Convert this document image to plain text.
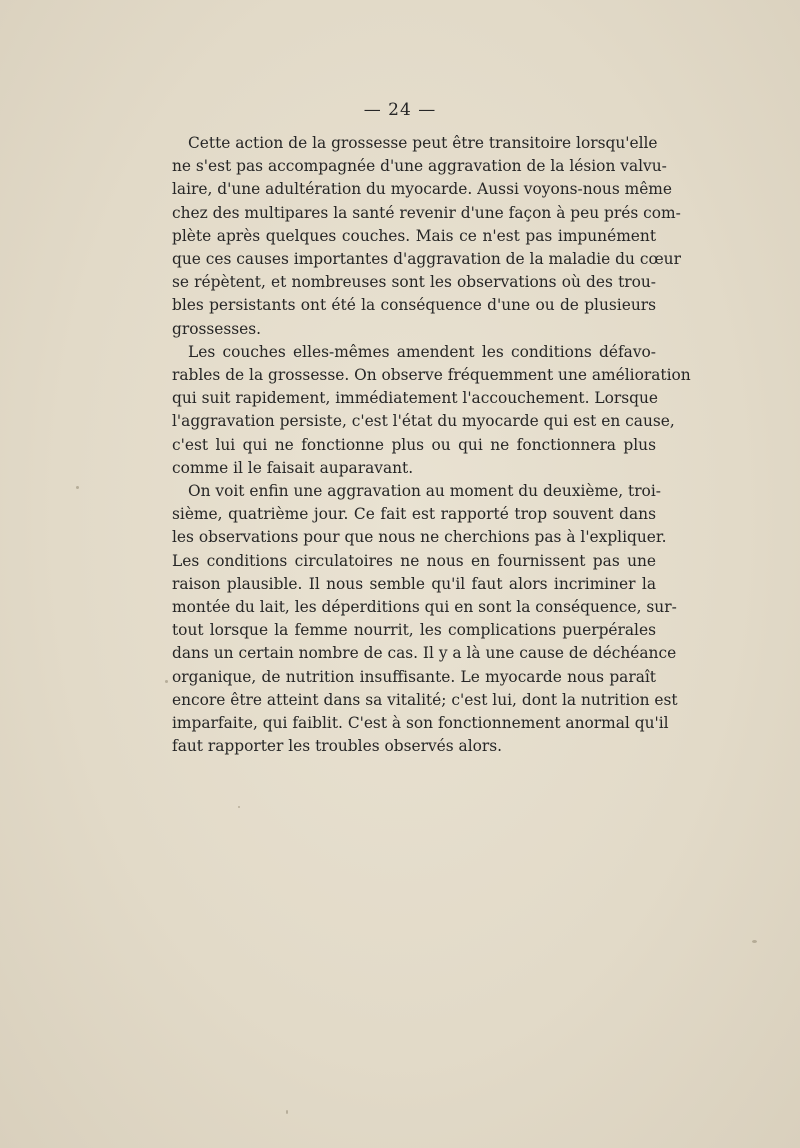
— 24 —
Cette action de la grossesse peut être transitoire lorsqu'elle
ne s'est pas accompagnée d'une aggravation de la lésion valvu-
laire, d'une adultération du myocarde. Aussi voyons-nous même
chez des multipares la santé revenir d'une façon à peu prés com-
plète après quelques couches. Mais ce n'est pas impunément
que ces causes importantes d'aggravation de la maladie du cœur
se répètent, et nombreuses sont les observations où des trou-
bles persistants ont été la conséquence d'une ou de plusieurs
grossesses.
Les couches elles-mêmes amendent les conditions défavo-
rables de la grossesse. On observe fréquemment une amélioration
qui suit rapidement, immédiatement l'accouchement. Lorsque
l'aggravation persiste, c'est l'état du myocarde qui est en cause,
c'est lui qui ne fonctionne plus ou qui ne fonctionnera plus
comme il le faisait auparavant.
On voit enfin une aggravation au moment du deuxième, troi-
sième, quatrième jour. Ce fait est rapporté trop souvent dans
les observations pour que nous ne cherchions pas à l'expliquer.
Les conditions circulatoires ne nous en fournissent pas une
raison plausible. Il nous semble qu'il faut alors incriminer la
montée du lait, les déperditions qui en sont la conséquence, sur-
tout lorsque la femme nourrit, les complications puerpérales
dans un certain nombre de cas. Il y a là une cause de déchéance
organique, de nutrition insuffisante. Le myocarde nous paraît
encore être atteint dans sa vitalité; c'est lui, dont la nutrition est
imparfaite, qui faiblit. C'est à son fonctionnement anormal qu'il
faut rapporter les troubles observés alors.
